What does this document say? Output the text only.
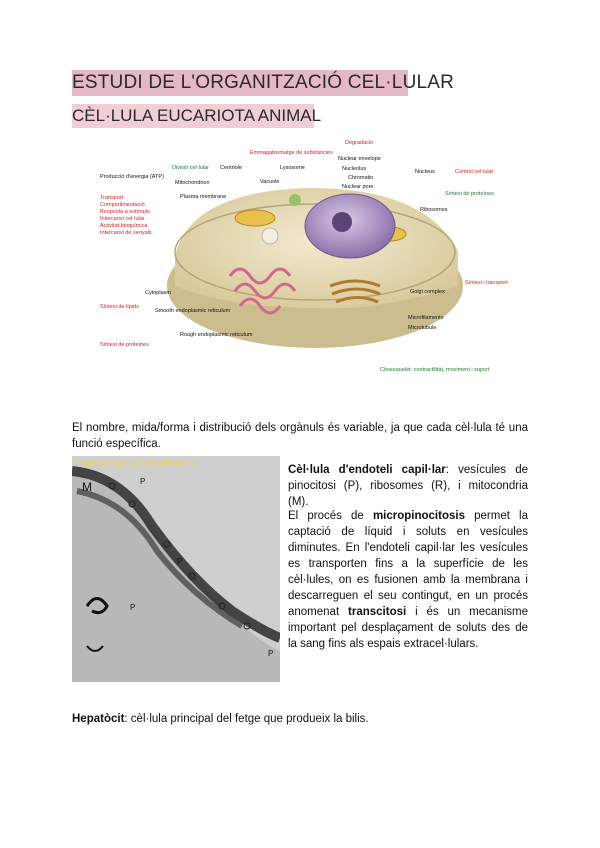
ESTUDI DE L'ORGANITZACIÓ CEL·LULAR
CÈL·LULA EUCARIOTA ANIMAL
Degradació
Emmagatzematge de substàncies
Divisió cel·lular Centriole	Lysosome
Nuclear envelope
Nucleolus
Chromatin
Nuclear pore
Nucleus	Control cel·lular
Vacuole
Producció d'energia (ATP)
Mitochondrion
Plasma membrane	Síntesi de proteïnes
Ribosomes
Transport
Compartimentació
Resposta a estímuls
Intercanvi cel·lular
Activitat bioquímica
Intercanvi de senyals
Cytoplasm	Golgi complex
Síntesi i transport
Síntesi de lípids
Smooth endoplasmic reticulum
Síntesi de proteïnes
Rough endoplasmic reticulum
Microfilaments
Microtubule
Citoesquelet: contractilitat, moviment i suport
El nombre, mida/forma i distribució dels orgànuls és variable, ja que cada cèl·lula té una funció específica.
M	P
P
P
P
Figure 30 Capillary endothelial cell
Cèl·lula d'endoteli capil·lar: vesícules de pinocitosi (P), ribosomes (R), i mitocondria (M).
El procés de micropinocitosis permet la captació de líquid i soluts en vesícules diminutes. En l'endoteli capil·lar les vesícules es transporten fins a la superfície de les cèl·lules, on es fusionen amb la membrana i descarreguen el seu contingut, en un procés anomenat transcitosi i és un mecanisme important pel desplaçament de soluts des de la sang fins als espais extracel·lulars.
Hepatòcit: cèl·lula principal del fetge que produeix la bilis.
